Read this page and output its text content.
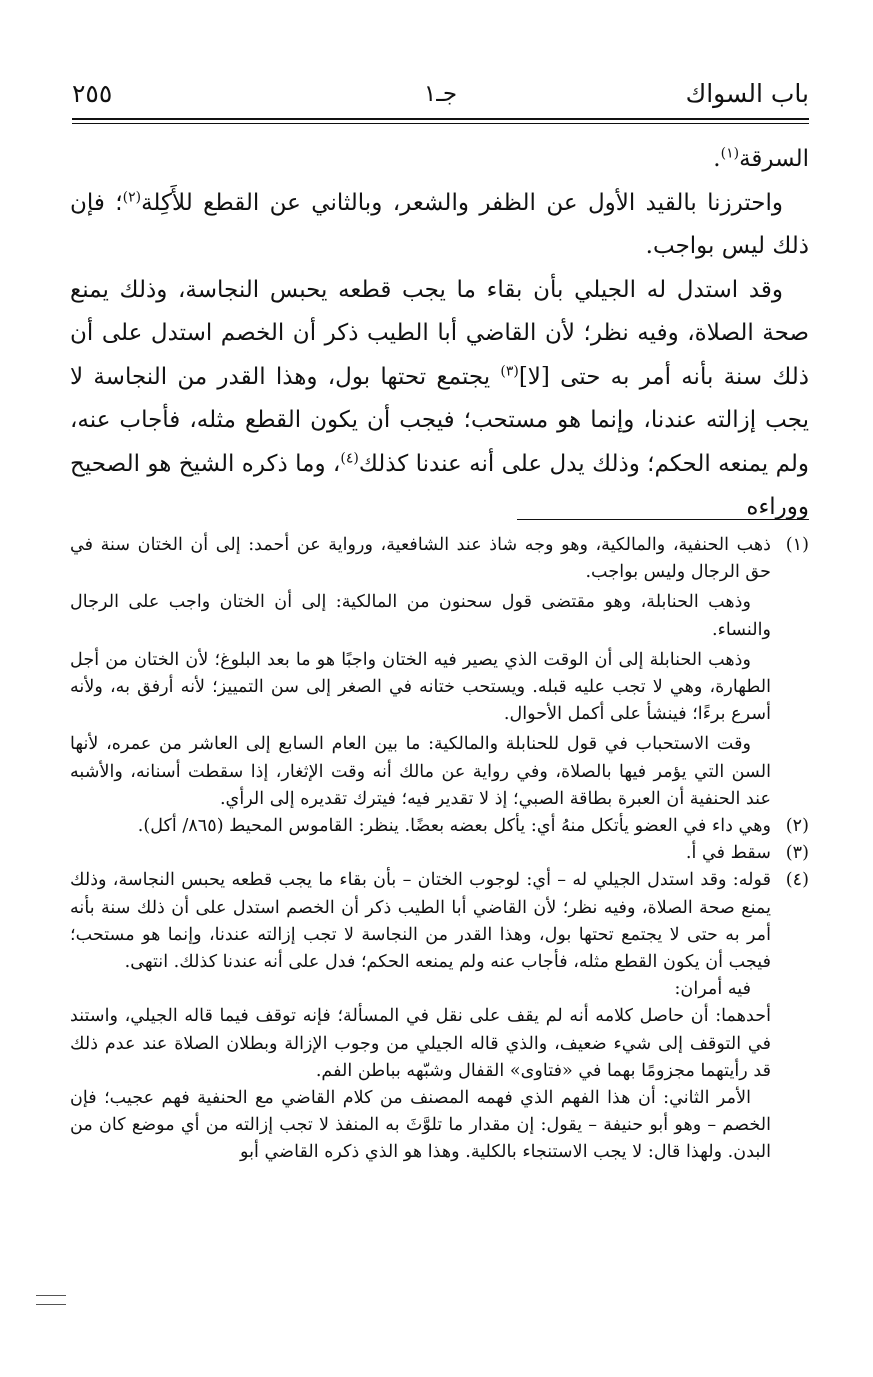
باب السواك
جـ١
٢٥٥

السرقة$^{(١)}$.

واحترزنا بالقيد الأول عن الظفر والشعر، وبالثاني عن القطع للأَكِلة$^{(٢)}$؛ فإن ذلك ليس بواجب.

وقد استدل له الجيلي بأن بقاء ما يجب قطعه يحبس النجاسة، وذلك يمنع صحة الصلاة، وفيه نظر؛ لأن القاضي أبا الطيب ذكر أن الخصم استدل على أن ذلك سنة بأنه أمر به حتى [لا]$^{(٣)}$ يجتمع تحتها بول، وهذا القدر من النجاسة لا يجب إزالته عندنا، وإنما هو مستحب؛ فيجب أن يكون القطع مثله، فأجاب عنه، ولم يمنعه الحكم؛ وذلك يدل على أنه عندنا كذلك$^{(٤)}$، وما ذكره الشيخ هو الصحيح ووراءه

(١)

ذهب الحنفية، والمالكية، وهو وجه شاذ عند الشافعية، ورواية عن أحمد: إلى أن الختان سنة في حق الرجال وليس بواجب.

وذهب الحنابلة، وهو مقتضى قول سحنون من المالكية: إلى أن الختان واجب على الرجال والنساء.

وذهب الحنابلة إلى أن الوقت الذي يصير فيه الختان واجبًا هو ما بعد البلوغ؛ لأن الختان من أجل الطهارة، وهي لا تجب عليه قبله. ويستحب ختانه في الصغر إلى سن التمييز؛ لأنه أرفق به، ولأنه أسرع برءًا؛ فينشأ على أكمل الأحوال.

وقت الاستحباب في قول للحنابلة والمالكية: ما بين العام السابع إلى العاشر من عمره، لأنها السن التي يؤمر فيها بالصلاة، وفي رواية عن مالك أنه وقت الإثغار، إذا سقطت أسنانه، والأشبه عند الحنفية أن العبرة بطاقة الصبي؛ إذ لا تقدير فيه؛ فيترك تقديره إلى الرأي.

(٢)

وهي داء في العضو يأتكل منهُ أي: يأكل بعضه بعضًا. ينظر: القاموس المحيط (٨٦٥/ أكل).

(٣)

سقط في أ.

(٤)

قوله: وقد استدل الجيلي له – أي: لوجوب الختان – بأن بقاء ما يجب قطعه يحبس النجاسة، وذلك يمنع صحة الصلاة، وفيه نظر؛ لأن القاضي أبا الطيب ذكر أن الخصم استدل على أن ذلك سنة بأنه أمر به حتى لا يجتمع تحتها بول، وهذا القدر من النجاسة لا تجب إزالته عندنا، وإنما هو مستحب؛ فيجب أن يكون القطع مثله، فأجاب عنه ولم يمنعه الحكم؛ فدل على أنه عندنا كذلك. انتهى.

فيه أمران:

أحدهما: أن حاصل كلامه أنه لم يقف على نقل في المسألة؛ فإنه توقف فيما قاله الجيلي، واستند في التوقف إلى شيء ضعيف، والذي قاله الجيلي من وجوب الإزالة وبطلان الصلاة عند عدم ذلك قد رأيتهما مجزومًا بهما في «فتاوى» القفال وشبّهه بباطن الفم.

الأمر الثاني: أن هذا الفهم الذي فهمه المصنف من كلام القاضي مع الحنفية فهم عجيب؛ فإن الخصم – وهو أبو حنيفة – يقول: إن مقدار ما تلوَّثَ به المنفذ لا تجب إزالته من أي موضع كان من البدن. ولهذا قال: لا يجب الاستنجاء بالكلية. وهذا هو الذي ذكره القاضي أبو
